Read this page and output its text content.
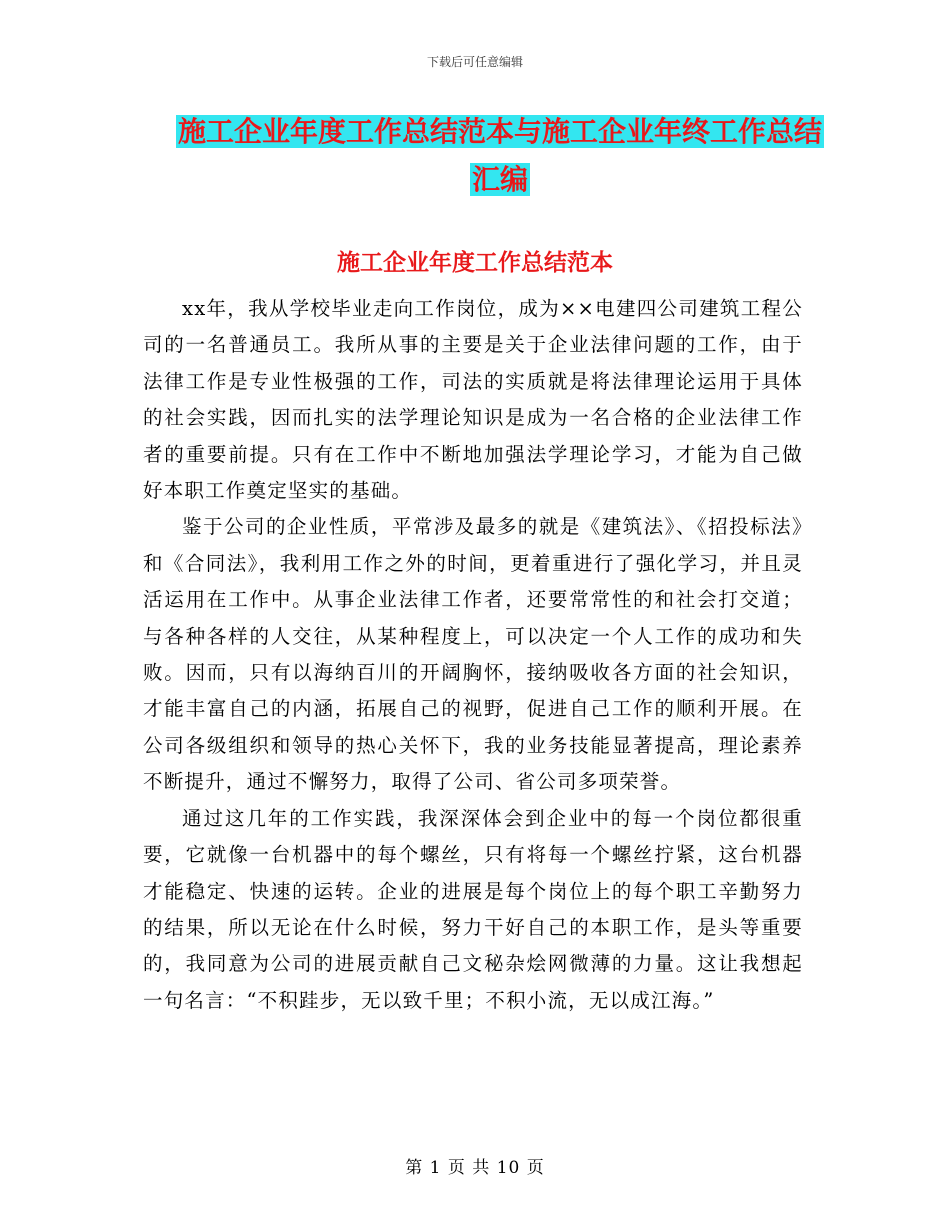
下载后可任意编辑
施工企业年度工作总结范本与施工企业年终工作总结
汇编
施工企业年度工作总结范本

xx年，我从学校毕业走向工作岗位，成为××电建四公司建筑工程公司的一名普通员工。我所从事的主要是关于企业法律问题的工作，由于法律工作是专业性极强的工作，司法的实质就是将法律理论运用于具体的社会实践，因而扎实的法学理论知识是成为一名合格的企业法律工作者的重要前提。只有在工作中不断地加强法学理论学习，才能为自己做好本职工作奠定坚实的基础。

鉴于公司的企业性质，平常涉及最多的就是《建筑法》、《招投标法》和《合同法》，我利用工作之外的时间，更着重进行了强化学习，并且灵活运用在工作中。从事企业法律工作者，还要常常性的和社会打交道；与各种各样的人交往，从某种程度上，可以决定一个人工作的成功和失败。因而，只有以海纳百川的开阔胸怀，接纳吸收各方面的社会知识，才能丰富自己的内涵，拓展自己的视野，促进自己工作的顺利开展。在公司各级组织和领导的热心关怀下，我的业务技能显著提高，理论素养不断提升，通过不懈努力，取得了公司、省公司多项荣誉。

通过这几年的工作实践，我深深体会到企业中的每一个岗位都很重要，它就像一台机器中的每个螺丝，只有将每一个螺丝拧紧，这台机器才能稳定、快速的运转。企业的进展是每个岗位上的每个职工辛勤努力的结果，所以无论在什么时候，努力干好自己的本职工作，是头等重要的，我同意为公司的进展贡献自己文秘杂烩网微薄的力量。这让我想起一句名言：“不积跬步，无以致千里；不积小流，无以成江海。”

第 1 页 共 10 页
